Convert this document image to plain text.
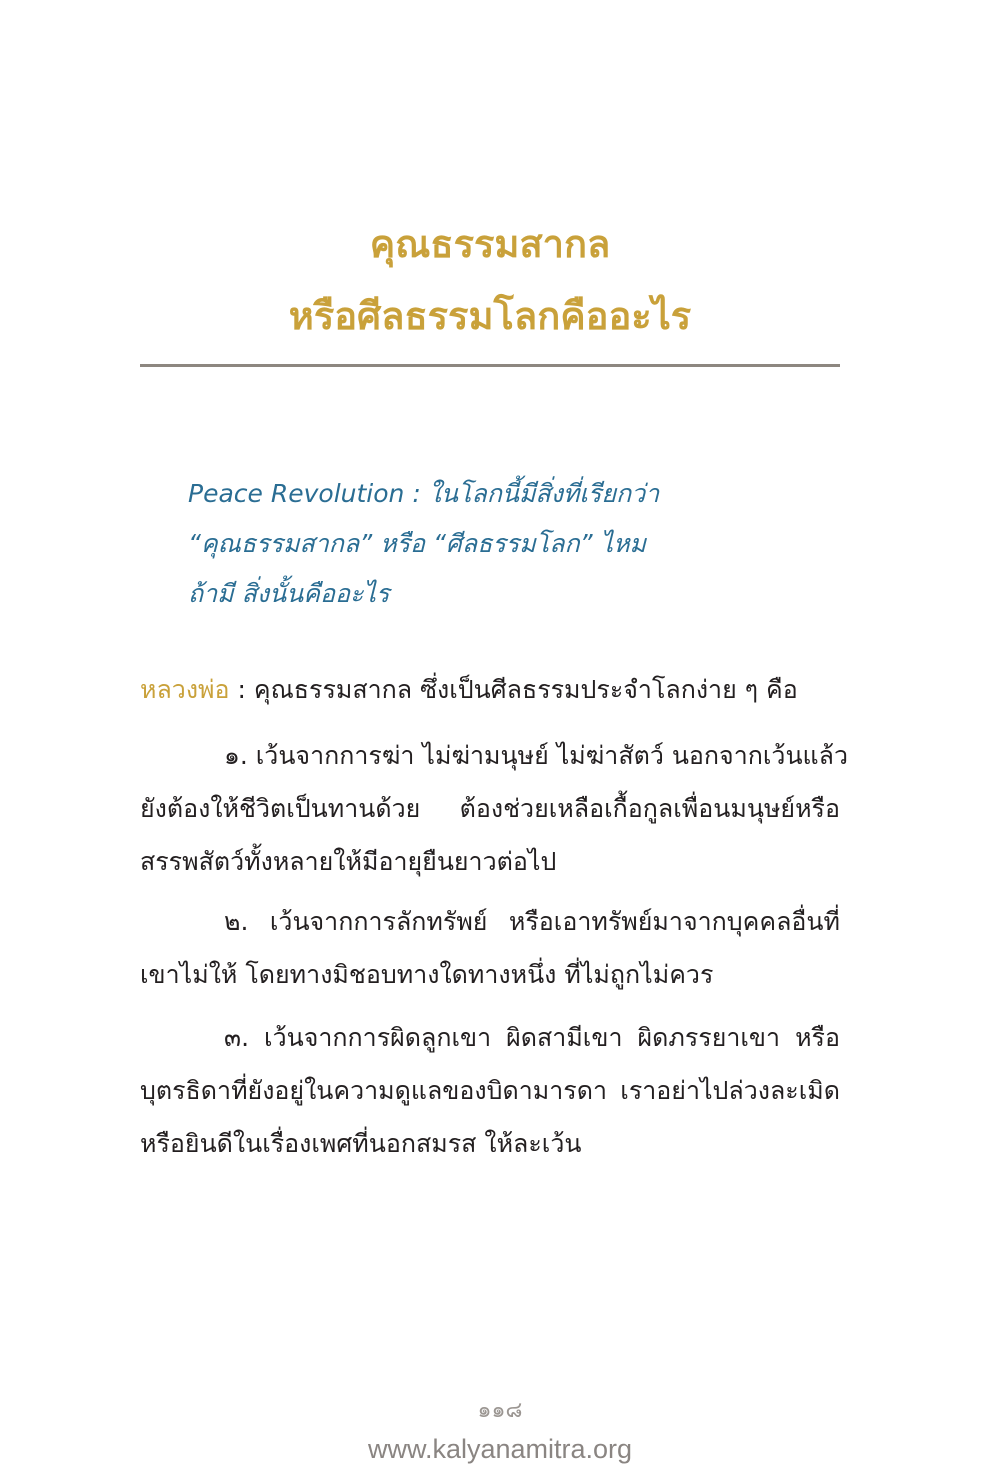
คุณธรรมสากล
หรือศีลธรรมโลกคืออะไร
Peace Revolution : ในโลกนี้มีสิ่งที่เรียกว่า
“คุณธรรมสากล” หรือ “ศีลธรรมโลก” ไหม
ถ้ามี สิ่งนั้นคืออะไร
หลวงพ่อ : คุณธรรมสากล ซึ่งเป็นศีลธรรมประจำโลกง่าย ๆ คือ
๑. เว้นจากการฆ่า ไม่ฆ่ามนุษย์ ไม่ฆ่าสัตว์ นอกจากเว้นแล้ว
ยังต้องให้ชีวิตเป็นทานด้วย ต้องช่วยเหลือเกื้อกูลเพื่อนมนุษย์หรือ
สรรพสัตว์ทั้งหลายให้มีอายุยืนยาวต่อไป
๒. เว้นจากการลักทรัพย์ หรือเอาทรัพย์มาจากบุคคลอื่นที่
เขาไม่ให้ โดยทางมิชอบทางใดทางหนึ่ง ที่ไม่ถูกไม่ควร
๓. เว้นจากการผิดลูกเขา ผิดสามีเขา ผิดภรรยาเขา หรือ
บุตรธิดาที่ยังอยู่ในความดูแลของบิดามารดา เราอย่าไปล่วงละเมิด
หรือยินดีในเรื่องเพศที่นอกสมรส ให้ละเว้น
๑๑๘
www.kalyanamitra.org
